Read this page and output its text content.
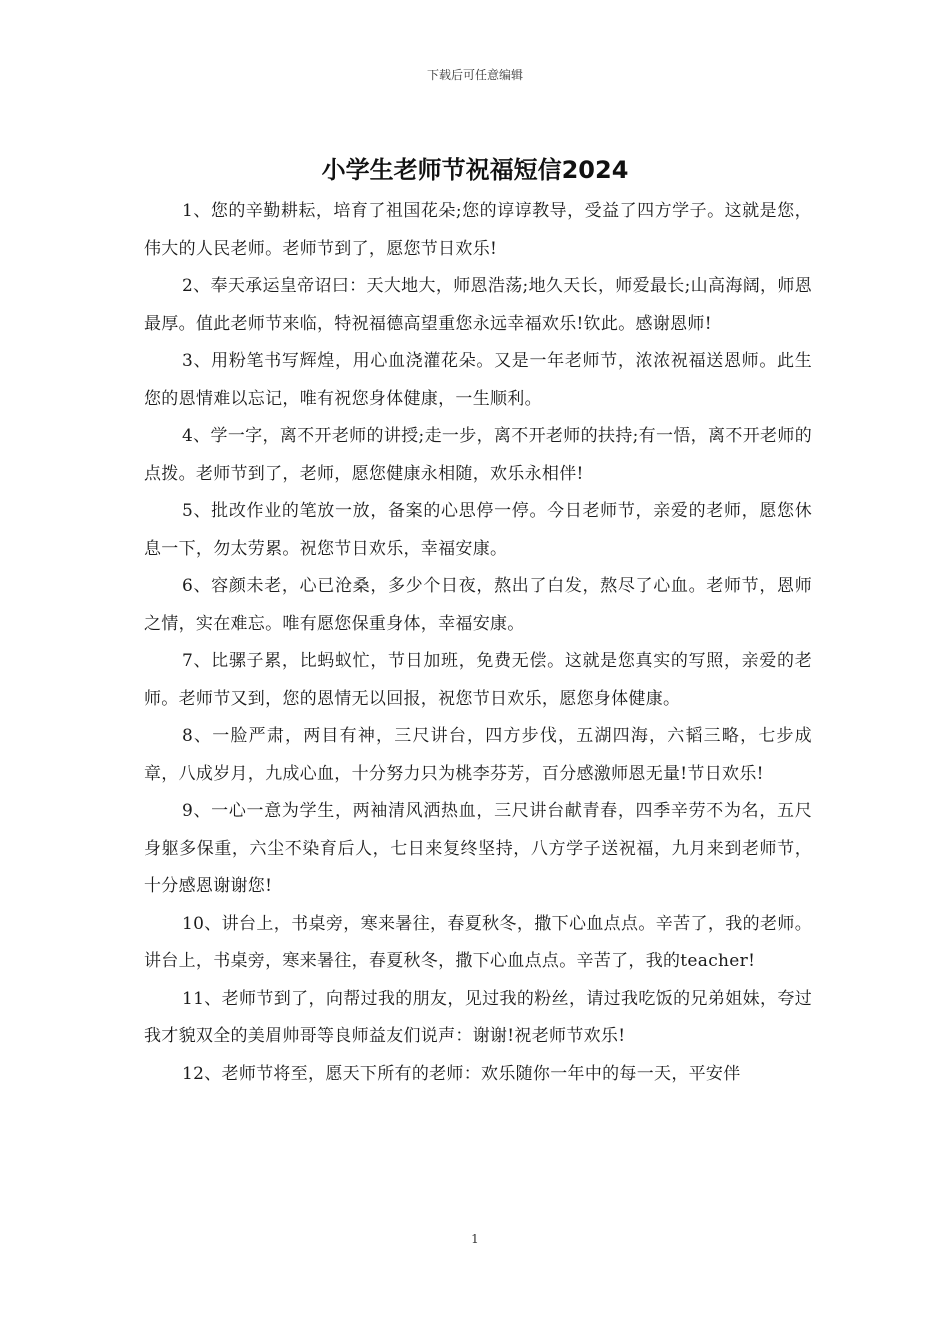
下载后可任意编辑
小学生老师节祝福短信2024

1、您的辛勤耕耘，培育了祖国花朵;您的谆谆教导，受益了四方学子。这就是您，伟大的人民老师。老师节到了，愿您节日欢乐!

2、奉天承运皇帝诏曰：天大地大，师恩浩荡;地久天长，师爱最长;山高海阔，师恩最厚。值此老师节来临，特祝福德高望重您永远幸福欢乐!钦此。感谢恩师!

3、用粉笔书写辉煌，用心血浇灌花朵。又是一年老师节，浓浓祝福送恩师。此生您的恩情难以忘记，唯有祝您身体健康，一生顺利。

4、学一字，离不开老师的讲授;走一步，离不开老师的扶持;有一悟，离不开老师的点拨。老师节到了，老师，愿您健康永相随，欢乐永相伴!

5、批改作业的笔放一放，备案的心思停一停。今日老师节，亲爱的老师，愿您休息一下，勿太劳累。祝您节日欢乐，幸福安康。

6、容颜未老，心已沧桑，多少个日夜，熬出了白发，熬尽了心血。老师节，恩师之情，实在难忘。唯有愿您保重身体，幸福安康。

7、比骡子累，比蚂蚁忙，节日加班，免费无偿。这就是您真实的写照，亲爱的老师。老师节又到，您的恩情无以回报，祝您节日欢乐，愿您身体健康。

8、一脸严肃，两目有神，三尺讲台，四方步伐，五湖四海，六韬三略，七步成章，八成岁月，九成心血，十分努力只为桃李芬芳，百分感激师恩无量!节日欢乐!

9、一心一意为学生，两袖清风洒热血，三尺讲台献青春，四季辛劳不为名，五尺身躯多保重，六尘不染育后人，七日来复终坚持，八方学子送祝福，九月来到老师节，十分感恩谢谢您!

10、讲台上，书桌旁，寒来暑往，春夏秋冬，撒下心血点点。辛苦了，我的老师。讲台上，书桌旁，寒来暑往，春夏秋冬，撒下心血点点。辛苦了，我的teacher!

11、老师节到了，向帮过我的朋友，见过我的粉丝，请过我吃饭的兄弟姐妹，夸过我才貌双全的美眉帅哥等良师益友们说声：谢谢!祝老师节欢乐!

12、老师节将至，愿天下所有的老师：欢乐随你一年中的每一天，平安伴

1
